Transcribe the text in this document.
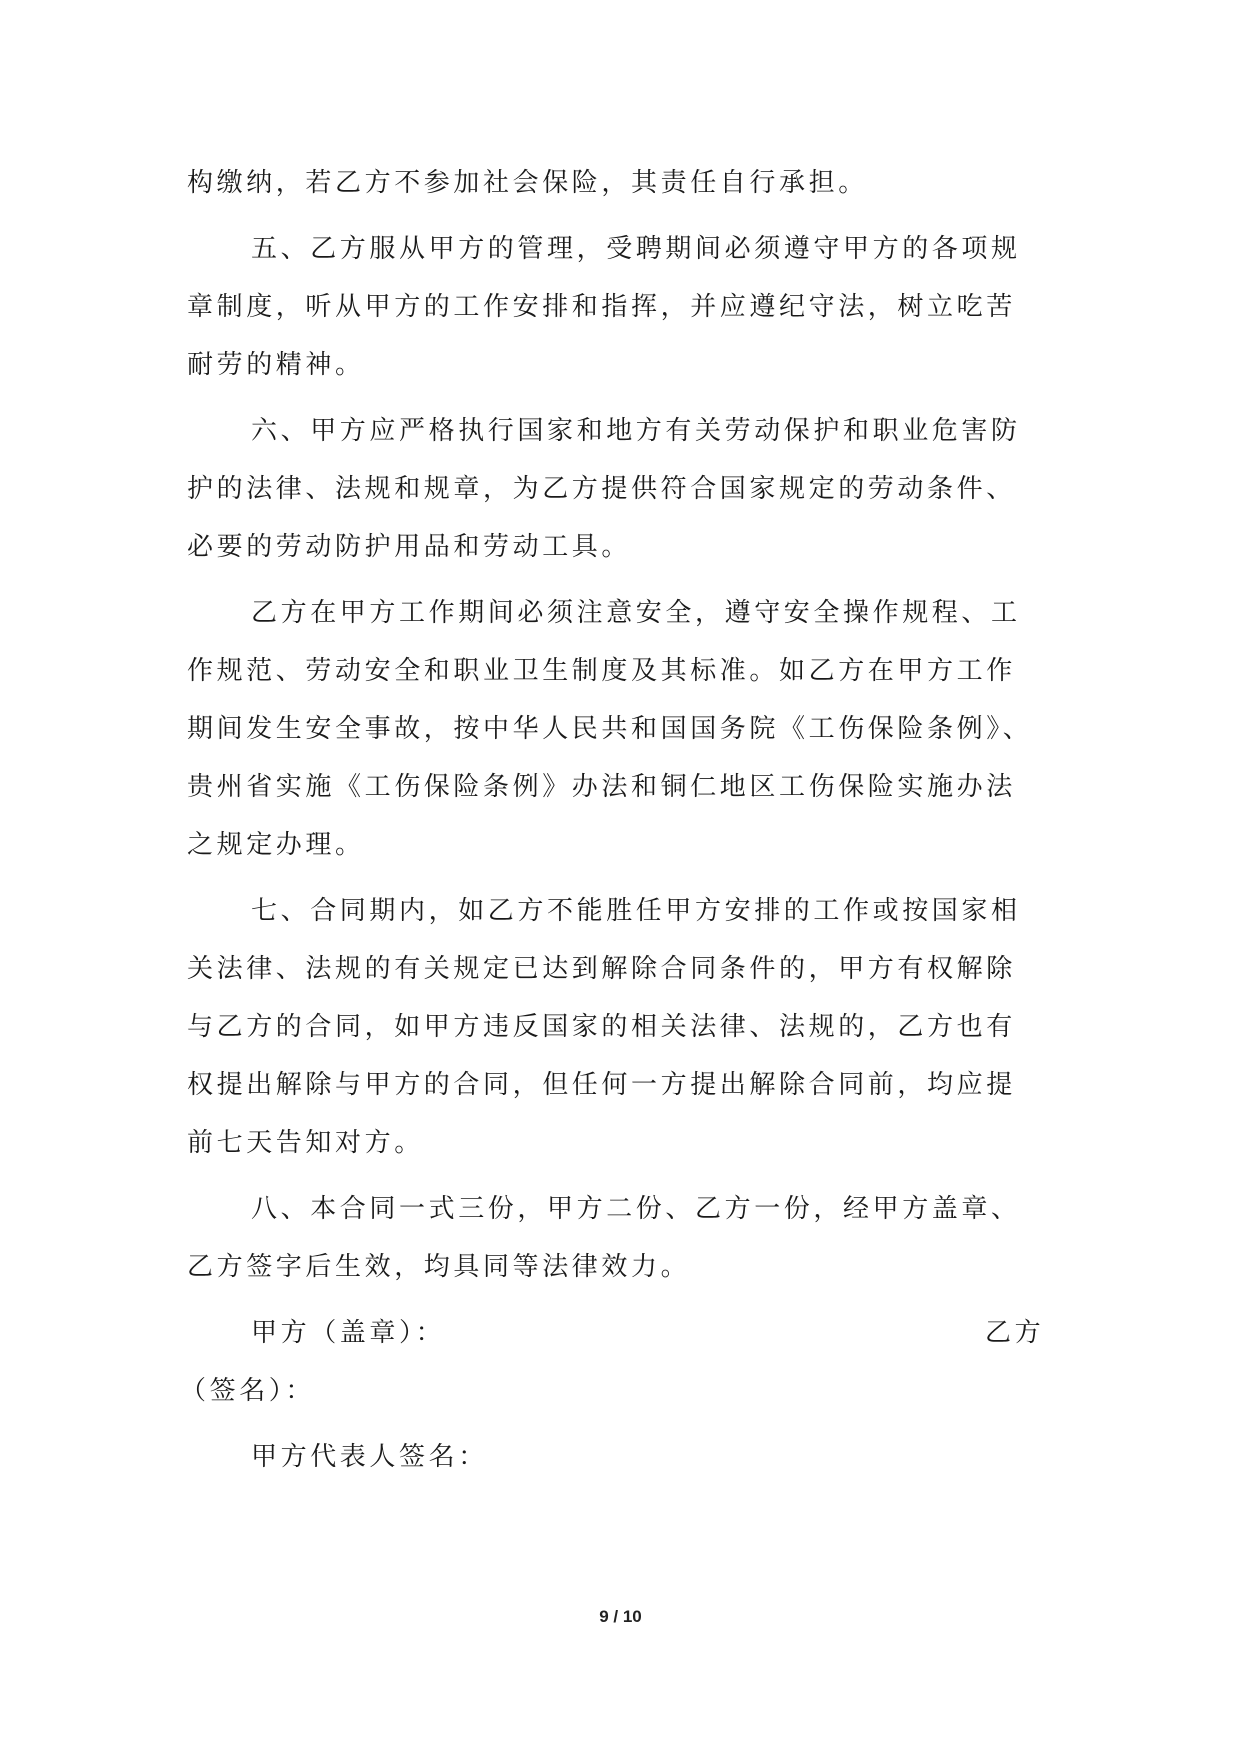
构缴纳，若乙方不参加社会保险，其责任自行承担。
五、乙方服从甲方的管理，受聘期间必须遵守甲方的各项规
章制度，听从甲方的工作安排和指挥，并应遵纪守法，树立吃苦
耐劳的精神。
六、甲方应严格执行国家和地方有关劳动保护和职业危害防
护的法律、法规和规章，为乙方提供符合国家规定的劳动条件、
必要的劳动防护用品和劳动工具。
乙方在甲方工作期间必须注意安全，遵守安全操作规程、工
作规范、劳动安全和职业卫生制度及其标准。如乙方在甲方工作
期间发生安全事故，按中华人民共和国国务院《工伤保险条例》、
贵州省实施《工伤保险条例》办法和铜仁地区工伤保险实施办法
之规定办理。
七、合同期内，如乙方不能胜任甲方安排的工作或按国家相
关法律、法规的有关规定已达到解除合同条件的，甲方有权解除
与乙方的合同，如甲方违反国家的相关法律、法规的，乙方也有
权提出解除与甲方的合同，但任何一方提出解除合同前，均应提
前七天告知对方。
八、本合同一式三份，甲方二份、乙方一份，经甲方盖章、
乙方签字后生效，均具同等法律效力。
甲方（盖章）：	乙方
（签名）：
甲方代表人签名：
9 / 10
